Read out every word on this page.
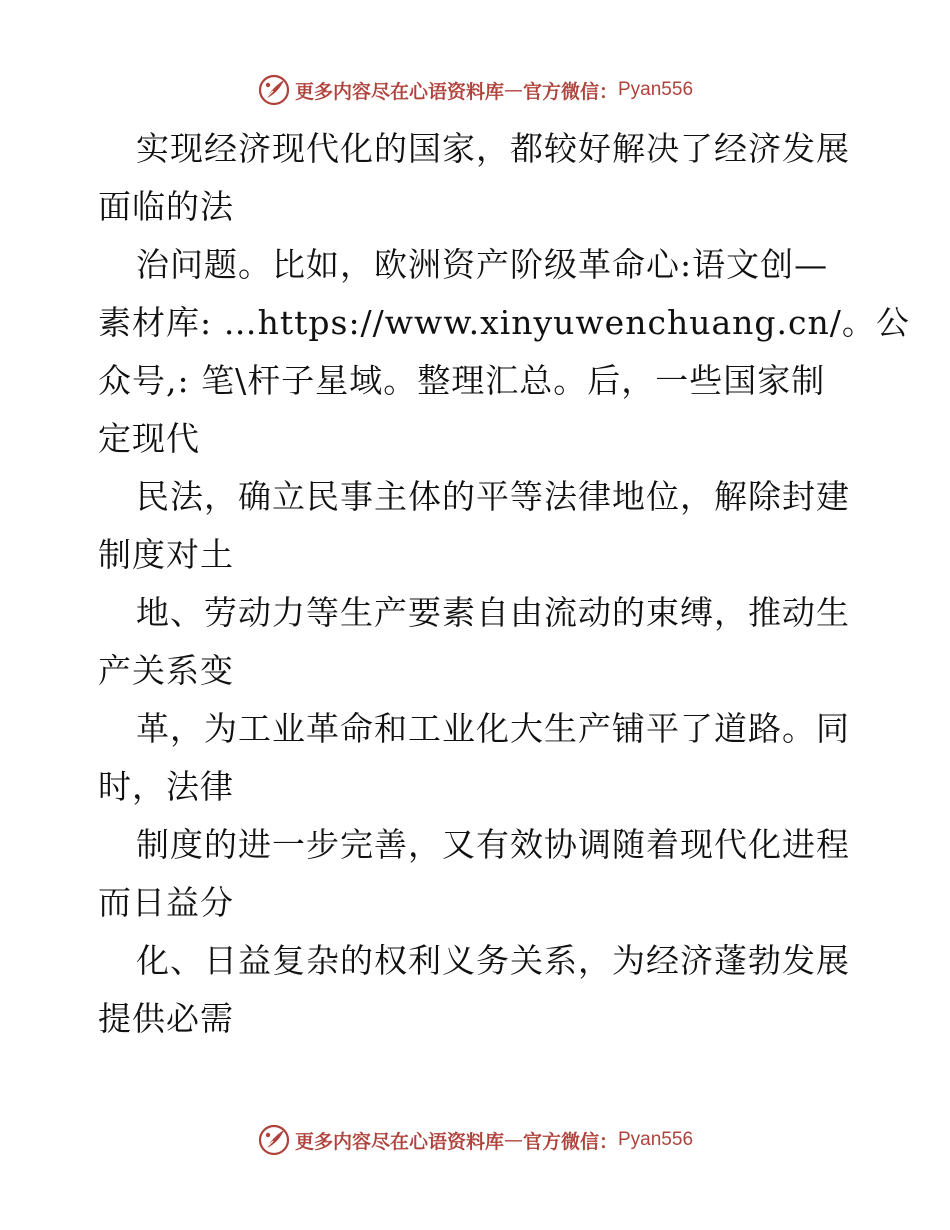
更多内容尽在心语资料库 — 官方微信： Pyan556
实现经济现代化的国家，都较好解决了经济发展
面临的法
治问题。比如，欧洲资产阶级革命心:语文创—
素材库: …https://www.xinyuwenchuang.cn/。公
众号,: 笔\杆子星域。整理汇总。后，一些国家制
定现代
民法，确立民事主体的平等法律地位，解除封建
制度对土
地、劳动力等生产要素自由流动的束缚，推动生
产关系变
革，为工业革命和工业化大生产铺平了道路。同
时，法律
制度的进一步完善，又有效协调随着现代化进程
而日益分
化、日益复杂的权利义务关系，为经济蓬勃发展
提供必需
更多内容尽在心语资料库 — 官方微信： Pyan556
